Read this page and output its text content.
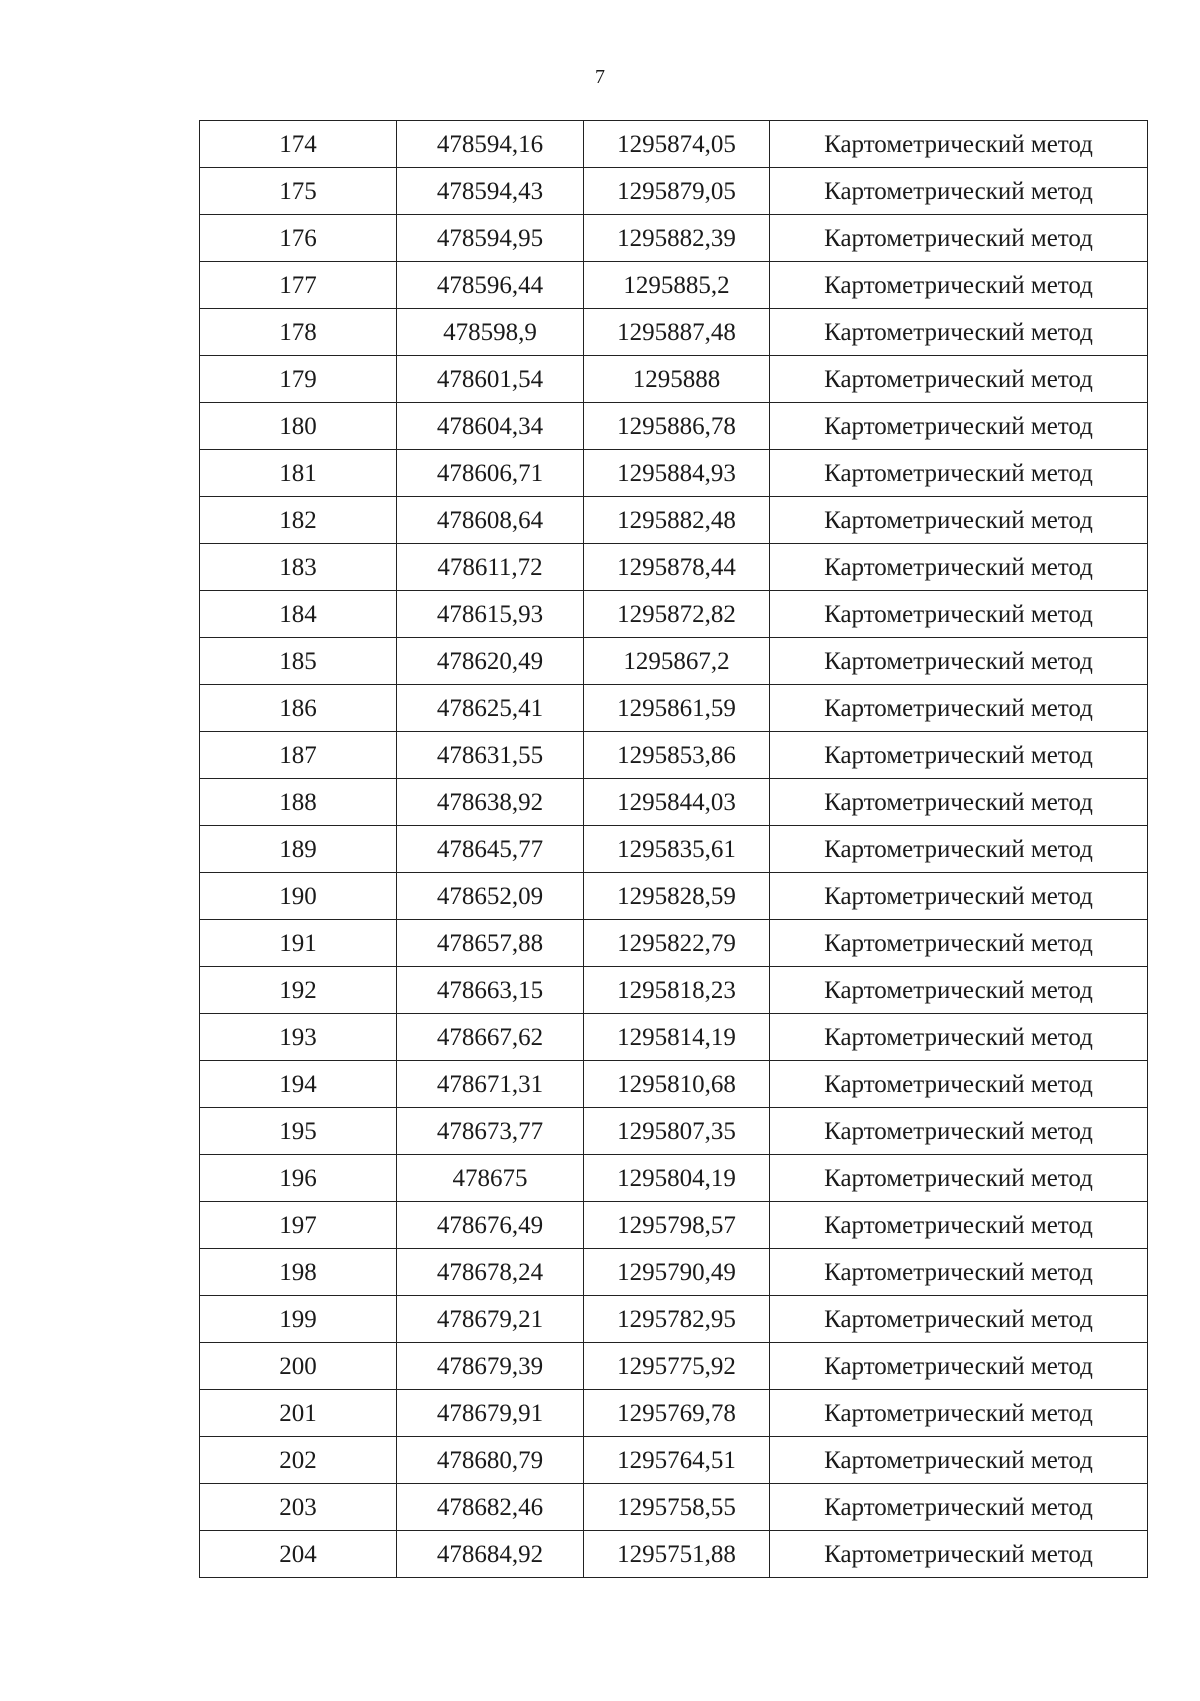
7
174	478594,16	1295874,05	Картометрический метод
175	478594,43	1295879,05	Картометрический метод
176	478594,95	1295882,39	Картометрический метод
177	478596,44	1295885,2	Картометрический метод
178	478598,9	1295887,48	Картометрический метод
179	478601,54	1295888	Картометрический метод
180	478604,34	1295886,78	Картометрический метод
181	478606,71	1295884,93	Картометрический метод
182	478608,64	1295882,48	Картометрический метод
183	478611,72	1295878,44	Картометрический метод
184	478615,93	1295872,82	Картометрический метод
185	478620,49	1295867,2	Картометрический метод
186	478625,41	1295861,59	Картометрический метод
187	478631,55	1295853,86	Картометрический метод
188	478638,92	1295844,03	Картометрический метод
189	478645,77	1295835,61	Картометрический метод
190	478652,09	1295828,59	Картометрический метод
191	478657,88	1295822,79	Картометрический метод
192	478663,15	1295818,23	Картометрический метод
193	478667,62	1295814,19	Картометрический метод
194	478671,31	1295810,68	Картометрический метод
195	478673,77	1295807,35	Картометрический метод
196	478675	1295804,19	Картометрический метод
197	478676,49	1295798,57	Картометрический метод
198	478678,24	1295790,49	Картометрический метод
199	478679,21	1295782,95	Картометрический метод
200	478679,39	1295775,92	Картометрический метод
201	478679,91	1295769,78	Картометрический метод
202	478680,79	1295764,51	Картометрический метод
203	478682,46	1295758,55	Картометрический метод
204	478684,92	1295751,88	Картометрический метод
